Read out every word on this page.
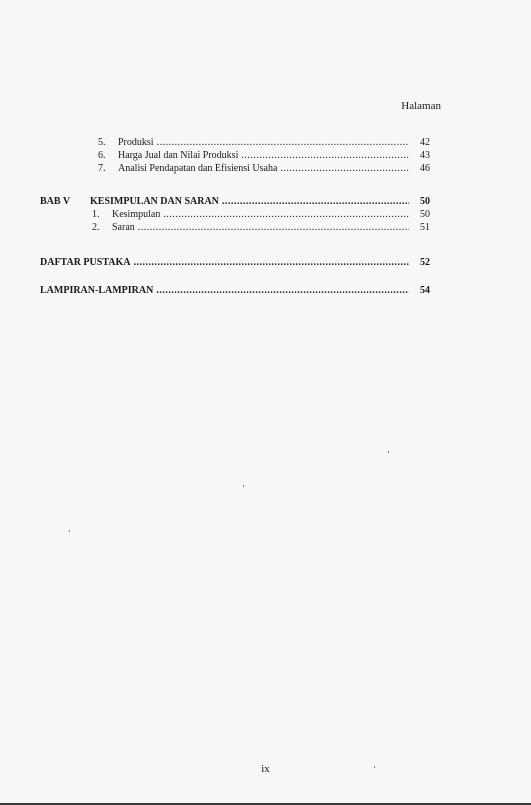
Halaman
5.	Produksi .....	42
6.	Harga Jual dan Nilai Produksi .....	43
7.	Analisi Pendapatan dan Efisiensi Usaha .....	46
BAB V	KESIMPULAN DAN SARAN .....	50
1.	Kesimpulan .....	50
2.	Saran .....	51
DAFTAR PUSTAKA .....	52
LAMPIRAN-LAMPIRAN .....	54
ix
